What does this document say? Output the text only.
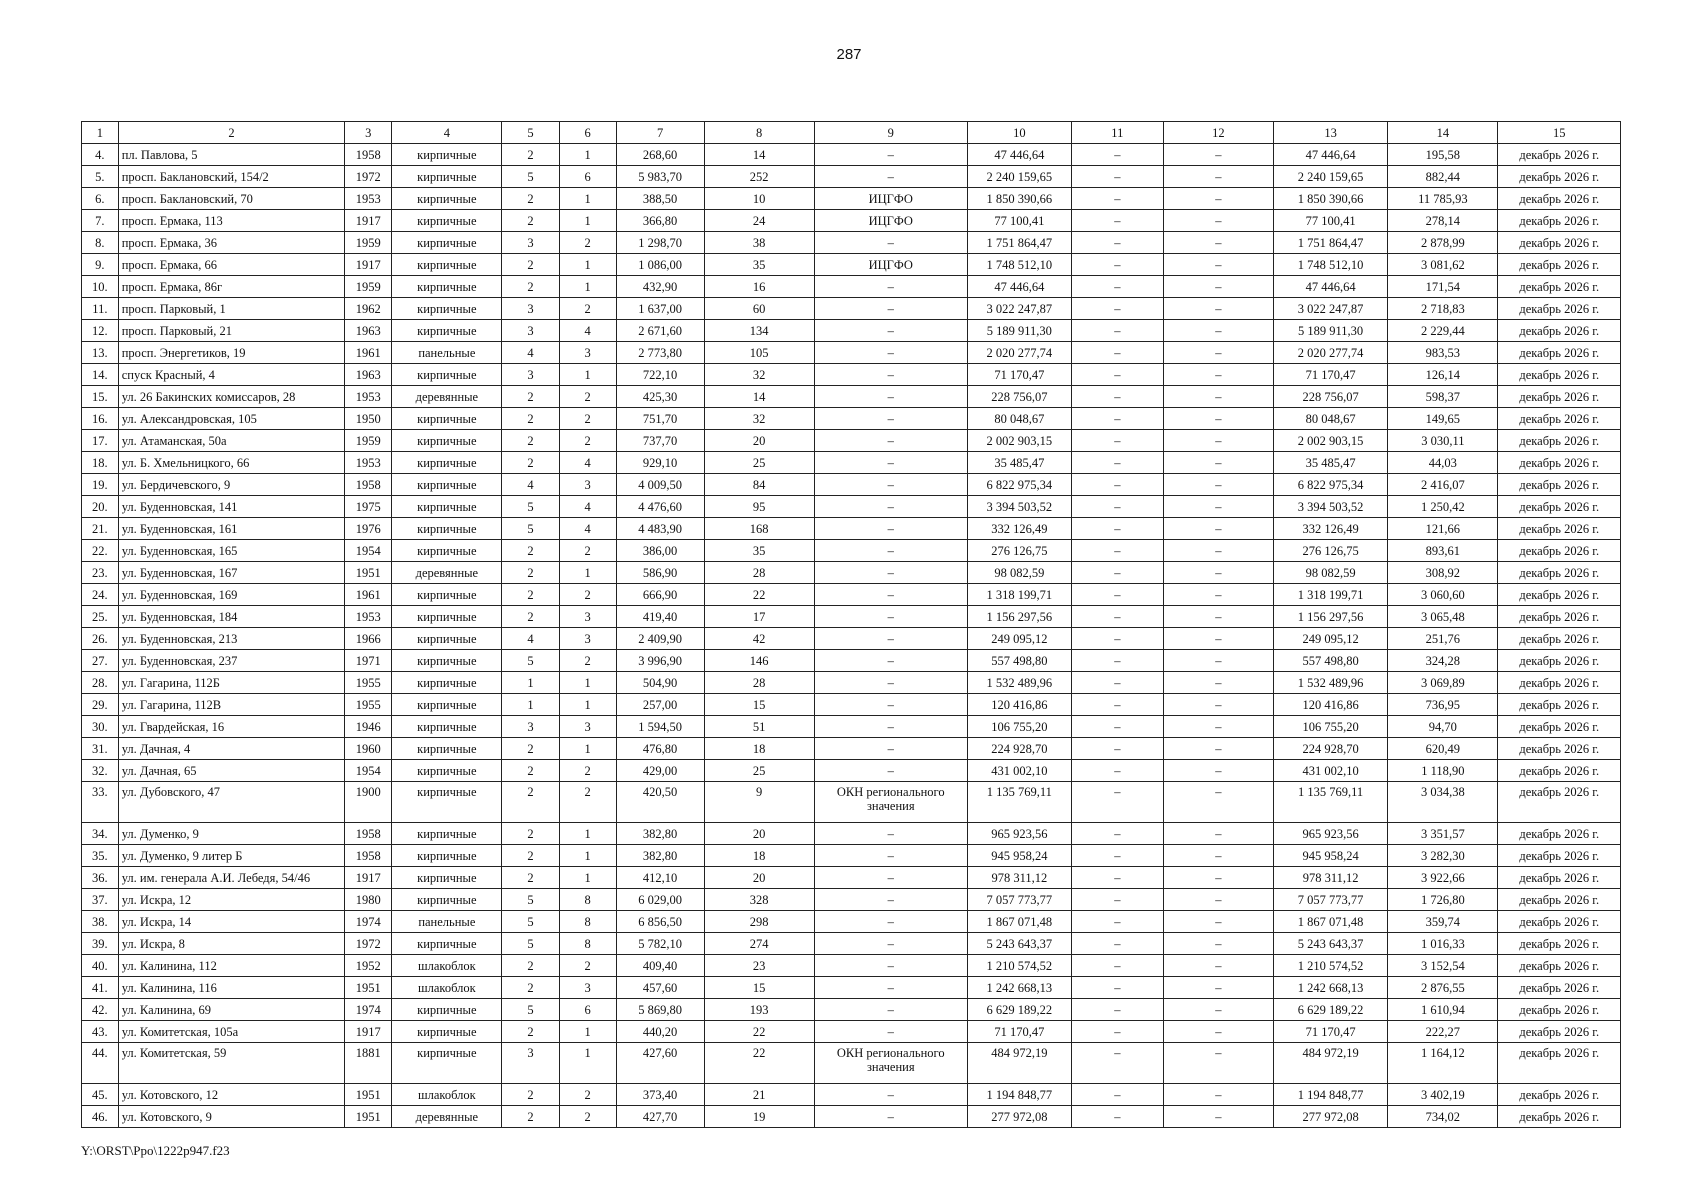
287
1	2	3	4	5	6	7	8	9	10	11	12	13	14	15
4.	пл. Павлова, 5	1958	кирпичные	2	1	268,60	14	–	47 446,64	–	–	47 446,64	195,58	декабрь 2026 г.
5.	просп. Баклановский, 154/2	1972	кирпичные	5	6	5 983,70	252	–	2 240 159,65	–	–	2 240 159,65	882,44	декабрь 2026 г.
6.	просп. Баклановский, 70	1953	кирпичные	2	1	388,50	10	ИЦГФО	1 850 390,66	–	–	1 850 390,66	11 785,93	декабрь 2026 г.
7.	просп. Ермака, 113	1917	кирпичные	2	1	366,80	24	ИЦГФО	77 100,41	–	–	77 100,41	278,14	декабрь 2026 г.
8.	просп. Ермака, 36	1959	кирпичные	3	2	1 298,70	38	–	1 751 864,47	–	–	1 751 864,47	2 878,99	декабрь 2026 г.
9.	просп. Ермака, 66	1917	кирпичные	2	1	1 086,00	35	ИЦГФО	1 748 512,10	–	–	1 748 512,10	3 081,62	декабрь 2026 г.
10.	просп. Ермака, 86г	1959	кирпичные	2	1	432,90	16	–	47 446,64	–	–	47 446,64	171,54	декабрь 2026 г.
11.	просп. Парковый, 1	1962	кирпичные	3	2	1 637,00	60	–	3 022 247,87	–	–	3 022 247,87	2 718,83	декабрь 2026 г.
12.	просп. Парковый, 21	1963	кирпичные	3	4	2 671,60	134	–	5 189 911,30	–	–	5 189 911,30	2 229,44	декабрь 2026 г.
13.	просп. Энергетиков, 19	1961	панельные	4	3	2 773,80	105	–	2 020 277,74	–	–	2 020 277,74	983,53	декабрь 2026 г.
14.	спуск Красный, 4	1963	кирпичные	3	1	722,10	32	–	71 170,47	–	–	71 170,47	126,14	декабрь 2026 г.
15.	ул. 26 Бакинских комиссаров, 28	1953	деревянные	2	2	425,30	14	–	228 756,07	–	–	228 756,07	598,37	декабрь 2026 г.
16.	ул. Александровская, 105	1950	кирпичные	2	2	751,70	32	–	80 048,67	–	–	80 048,67	149,65	декабрь 2026 г.
17.	ул. Атаманская, 50а	1959	кирпичные	2	2	737,70	20	–	2 002 903,15	–	–	2 002 903,15	3 030,11	декабрь 2026 г.
18.	ул. Б. Хмельницкого, 66	1953	кирпичные	2	4	929,10	25	–	35 485,47	–	–	35 485,47	44,03	декабрь 2026 г.
19.	ул. Бердичевского, 9	1958	кирпичные	4	3	4 009,50	84	–	6 822 975,34	–	–	6 822 975,34	2 416,07	декабрь 2026 г.
20.	ул. Буденновская, 141	1975	кирпичные	5	4	4 476,60	95	–	3 394 503,52	–	–	3 394 503,52	1 250,42	декабрь 2026 г.
21.	ул. Буденновская, 161	1976	кирпичные	5	4	4 483,90	168	–	332 126,49	–	–	332 126,49	121,66	декабрь 2026 г.
22.	ул. Буденновская, 165	1954	кирпичные	2	2	386,00	35	–	276 126,75	–	–	276 126,75	893,61	декабрь 2026 г.
23.	ул. Буденновская, 167	1951	деревянные	2	1	586,90	28	–	98 082,59	–	–	98 082,59	308,92	декабрь 2026 г.
24.	ул. Буденновская, 169	1961	кирпичные	2	2	666,90	22	–	1 318 199,71	–	–	1 318 199,71	3 060,60	декабрь 2026 г.
25.	ул. Буденновская, 184	1953	кирпичные	2	3	419,40	17	–	1 156 297,56	–	–	1 156 297,56	3 065,48	декабрь 2026 г.
26.	ул. Буденновская, 213	1966	кирпичные	4	3	2 409,90	42	–	249 095,12	–	–	249 095,12	251,76	декабрь 2026 г.
27.	ул. Буденновская, 237	1971	кирпичные	5	2	3 996,90	146	–	557 498,80	–	–	557 498,80	324,28	декабрь 2026 г.
28.	ул. Гагарина, 112Б	1955	кирпичные	1	1	504,90	28	–	1 532 489,96	–	–	1 532 489,96	3 069,89	декабрь 2026 г.
29.	ул. Гагарина, 112В	1955	кирпичные	1	1	257,00	15	–	120 416,86	–	–	120 416,86	736,95	декабрь 2026 г.
30.	ул. Гвардейская, 16	1946	кирпичные	3	3	1 594,50	51	–	106 755,20	–	–	106 755,20	94,70	декабрь 2026 г.
31.	ул. Дачная, 4	1960	кирпичные	2	1	476,80	18	–	224 928,70	–	–	224 928,70	620,49	декабрь 2026 г.
32.	ул. Дачная, 65	1954	кирпичные	2	2	429,00	25	–	431 002,10	–	–	431 002,10	1 118,90	декабрь 2026 г.
33.	ул. Дубовского, 47	1900	кирпичные	2	2	420,50	9	ОКН регионального значения	1 135 769,11	–	–	1 135 769,11	3 034,38	декабрь 2026 г.
34.	ул. Думенко, 9	1958	кирпичные	2	1	382,80	20	–	965 923,56	–	–	965 923,56	3 351,57	декабрь 2026 г.
35.	ул. Думенко, 9 литер Б	1958	кирпичные	2	1	382,80	18	–	945 958,24	–	–	945 958,24	3 282,30	декабрь 2026 г.
36.	ул. им. генерала А.И. Лебедя, 54/46	1917	кирпичные	2	1	412,10	20	–	978 311,12	–	–	978 311,12	3 922,66	декабрь 2026 г.
37.	ул. Искра, 12	1980	кирпичные	5	8	6 029,00	328	–	7 057 773,77	–	–	7 057 773,77	1 726,80	декабрь 2026 г.
38.	ул. Искра, 14	1974	панельные	5	8	6 856,50	298	–	1 867 071,48	–	–	1 867 071,48	359,74	декабрь 2026 г.
39.	ул. Искра, 8	1972	кирпичные	5	8	5 782,10	274	–	5 243 643,37	–	–	5 243 643,37	1 016,33	декабрь 2026 г.
40.	ул. Калинина, 112	1952	шлакоблок	2	2	409,40	23	–	1 210 574,52	–	–	1 210 574,52	3 152,54	декабрь 2026 г.
41.	ул. Калинина, 116	1951	шлакоблок	2	3	457,60	15	–	1 242 668,13	–	–	1 242 668,13	2 876,55	декабрь 2026 г.
42.	ул. Калинина, 69	1974	кирпичные	5	6	5 869,80	193	–	6 629 189,22	–	–	6 629 189,22	1 610,94	декабрь 2026 г.
43.	ул. Комитетская, 105а	1917	кирпичные	2	1	440,20	22	–	71 170,47	–	–	71 170,47	222,27	декабрь 2026 г.
44.	ул. Комитетская, 59	1881	кирпичные	3	1	427,60	22	ОКН регионального значения	484 972,19	–	–	484 972,19	1 164,12	декабрь 2026 г.
45.	ул. Котовского, 12	1951	шлакоблок	2	2	373,40	21	–	1 194 848,77	–	–	1 194 848,77	3 402,19	декабрь 2026 г.
46.	ул. Котовского, 9	1951	деревянные	2	2	427,70	19	–	277 972,08	–	–	277 972,08	734,02	декабрь 2026 г.
Y:\ORST\Ppo\1222p947.f23
